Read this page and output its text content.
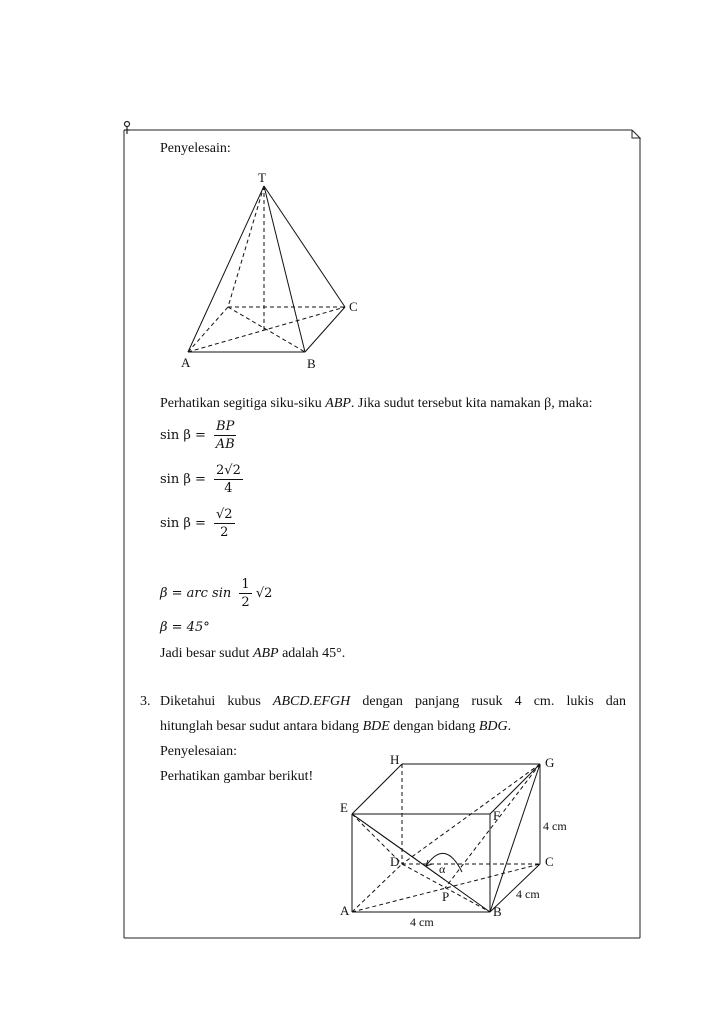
Penyelesain:
T
C
A	B
Perhatikan segitiga siku-siku ABP. Jika sudut tersebut kita namakan β, maka:
$\sin \beta = \frac{BP}{AB}$
$\sin \beta = \frac{2√2}{4}$
$\sin \beta = \frac{√2}{2}$
β = arc $\sin \frac{1}{2} √2$
β = 45°
Jadi besar sudut ABP adalah 45°.
3. Diketahui kubus ABCD.EFGH dengan panjang rusuk 4 cm. lukis dan
hitunglah besar sudut antara bidang BDE dengan bidang BDG.
Penyelesaian:
Perhatikan gambar berikut!
H	G
E
F
D	C
A	B
P
α
4 cm
4 cm
4 cm
